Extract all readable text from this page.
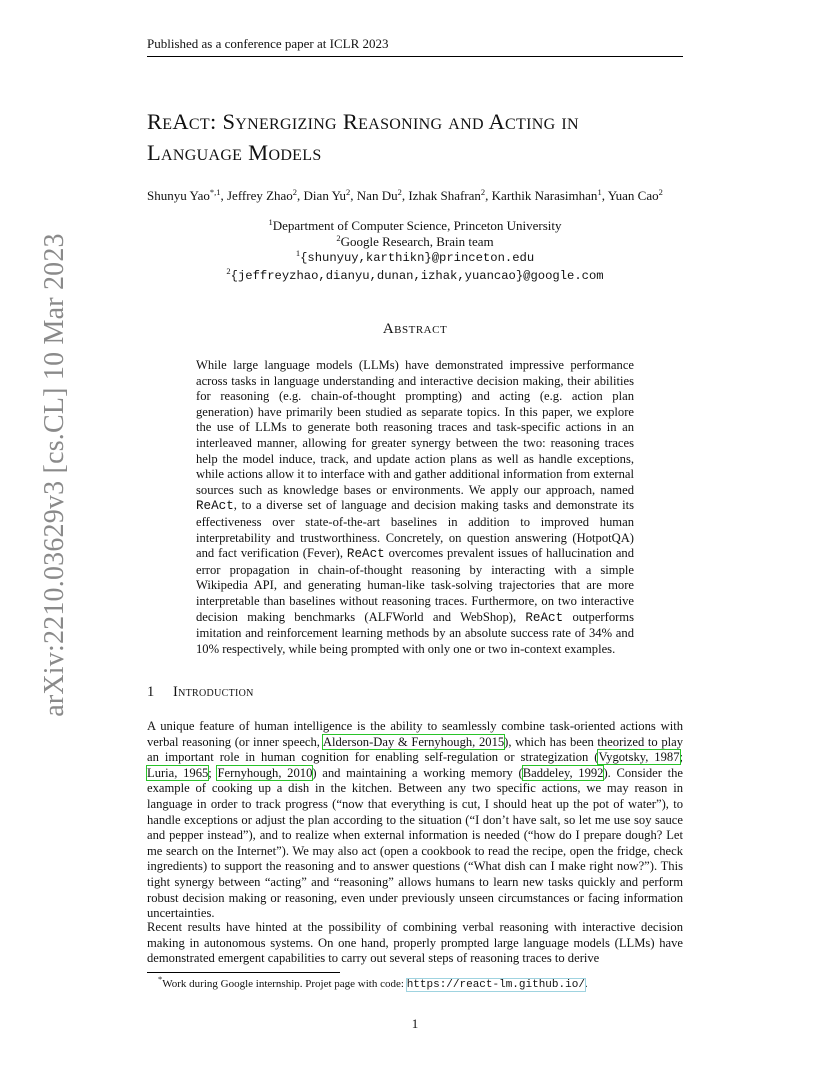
Published as a conference paper at ICLR 2023
arXiv:2210.03629v3 [cs.CL] 10 Mar 2023
ReAct: Synergizing Reasoning and Acting in
Language Models
Shunyu Yao$^{*,1}$, Jeffrey Zhao$^2$, Dian Yu$^2$, Nan Du$^2$, Izhak Shafran$^2$, Karthik Narasimhan$^1$, Yuan Cao$^2$
$^1$Department of Computer Science, Princeton University
$^2$Google Research, Brain team
$^1${shunyuy,karthikn}@princeton.edu
$^2${jeffreyzhao,dianyu,dunan,izhak,yuancao}@google.com
Abstract
While large language models (LLMs) have demonstrated impressive performance across tasks in language understanding and interactive decision making, their abilities for reasoning (e.g. chain-of-thought prompting) and acting (e.g. action plan generation) have primarily been studied as separate topics. In this paper, we explore the use of LLMs to generate both reasoning traces and task-specific actions in an interleaved manner, allowing for greater synergy between the two: reasoning traces help the model induce, track, and update action plans as well as handle exceptions, while actions allow it to interface with and gather additional information from external sources such as knowledge bases or environments. We apply our approach, named ReAct, to a diverse set of language and decision making tasks and demonstrate its effectiveness over state-of-the-art baselines in addition to improved human interpretability and trustworthiness. Concretely, on question answering (HotpotQA) and fact verification (Fever), ReAct overcomes prevalent issues of hallucination and error propagation in chain-of-thought reasoning by interacting with a simple Wikipedia API, and generating human-like task-solving trajectories that are more interpretable than baselines without reasoning traces. Furthermore, on two interactive decision making benchmarks (ALFWorld and WebShop), ReAct outperforms imitation and reinforcement learning methods by an absolute success rate of 34% and 10% respectively, while being prompted with only one or two in-context examples.
1 Introduction
A unique feature of human intelligence is the ability to seamlessly combine task-oriented actions with verbal reasoning (or inner speech, Alderson-Day & Fernyhough, 2015), which has been theorized to play an important role in human cognition for enabling self-regulation or strategization (Vygotsky, 1987; Luria, 1965; Fernyhough, 2010) and maintaining a working memory (Baddeley, 1992). Consider the example of cooking up a dish in the kitchen. Between any two specific actions, we may reason in language in order to track progress (“now that everything is cut, I should heat up the pot of water”), to handle exceptions or adjust the plan according to the situation (“I don’t have salt, so let me use soy sauce and pepper instead”), and to realize when external information is needed (“how do I prepare dough? Let me search on the Internet”). We may also act (open a cookbook to read the recipe, open the fridge, check ingredients) to support the reasoning and to answer questions (“What dish can I make right now?”). This tight synergy between “acting” and “reasoning” allows humans to learn new tasks quickly and perform robust decision making or reasoning, even under previously unseen circumstances or facing information uncertainties.
Recent results have hinted at the possibility of combining verbal reasoning with interactive decision making in autonomous systems. On one hand, properly prompted large language models (LLMs) have demonstrated emergent capabilities to carry out several steps of reasoning traces to derive
*Work during Google internship. Projet page with code: https://react-lm.github.io/.
1
